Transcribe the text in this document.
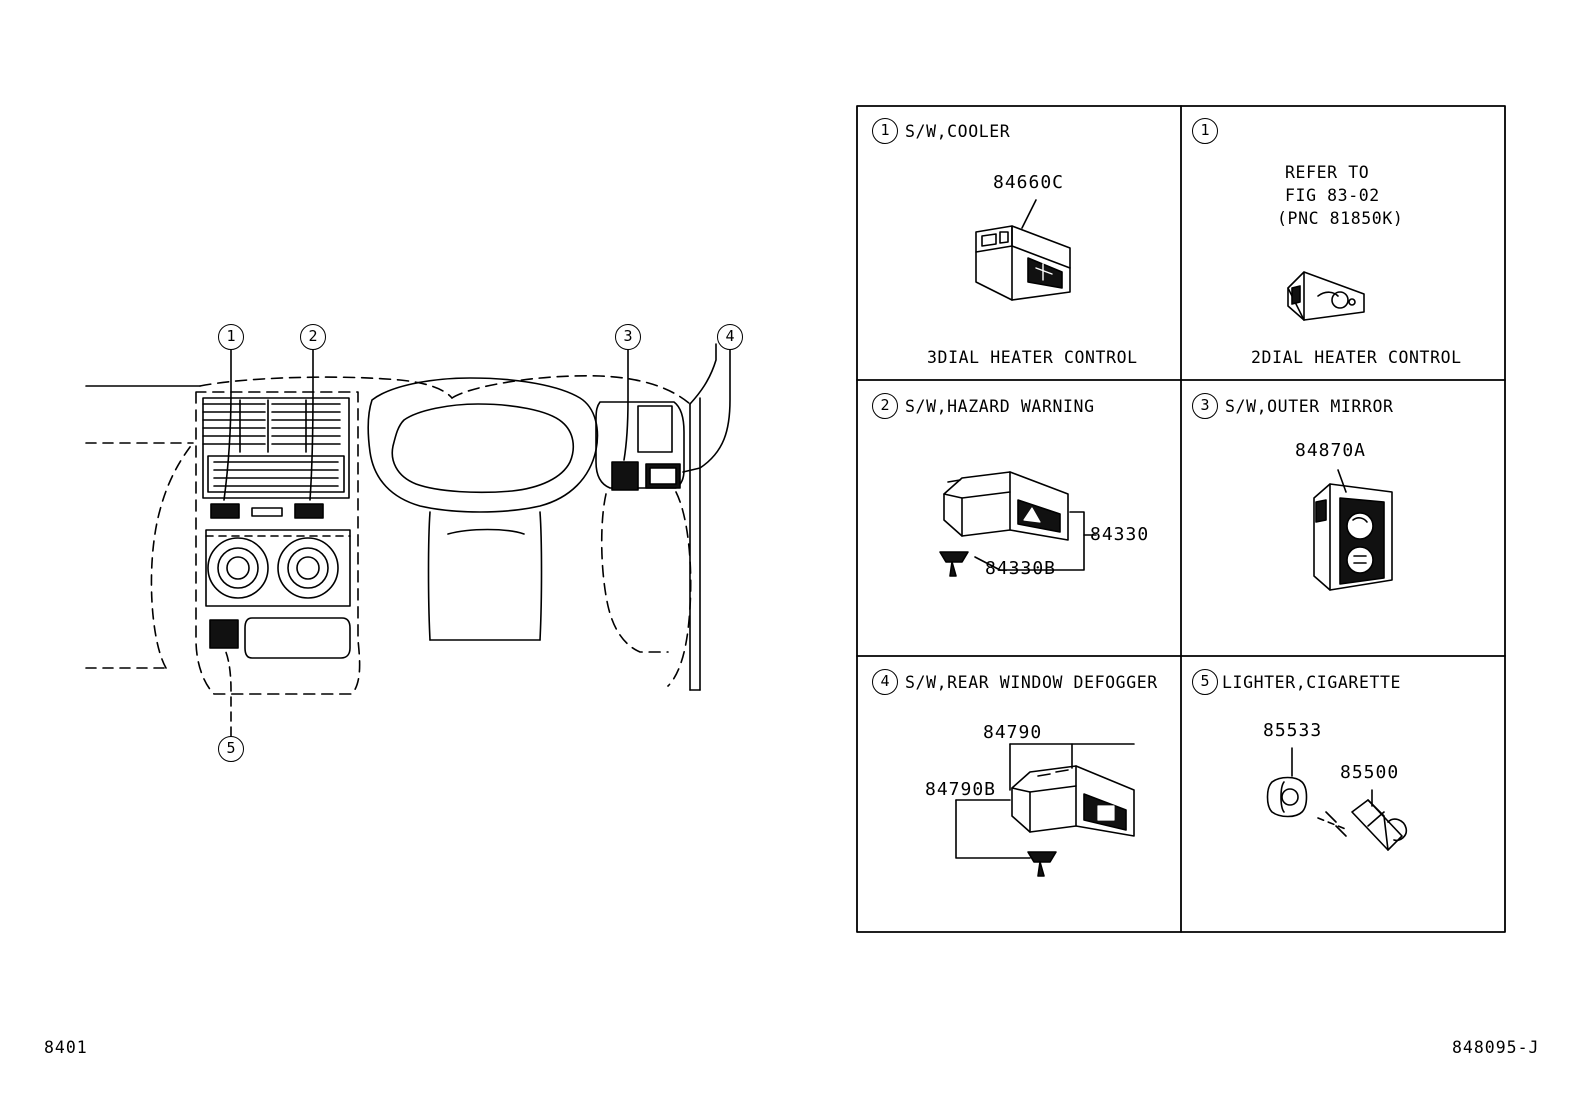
1	2	3	4
5
1 S/W,COOLER
84660C
3DIAL HEATER CONTROL
1
REFER TO
FIG 83-02
(PNC 81850K)
2DIAL HEATER CONTROL
2 S/W,HAZARD WARNING
84330
84330B
3 S/W,OUTER MIRROR
84870A
4 S/W,REAR WINDOW DEFOGGER
84790
84790B
5 LIGHTER,CIGARETTE
85533
85500
8401	848095-J
